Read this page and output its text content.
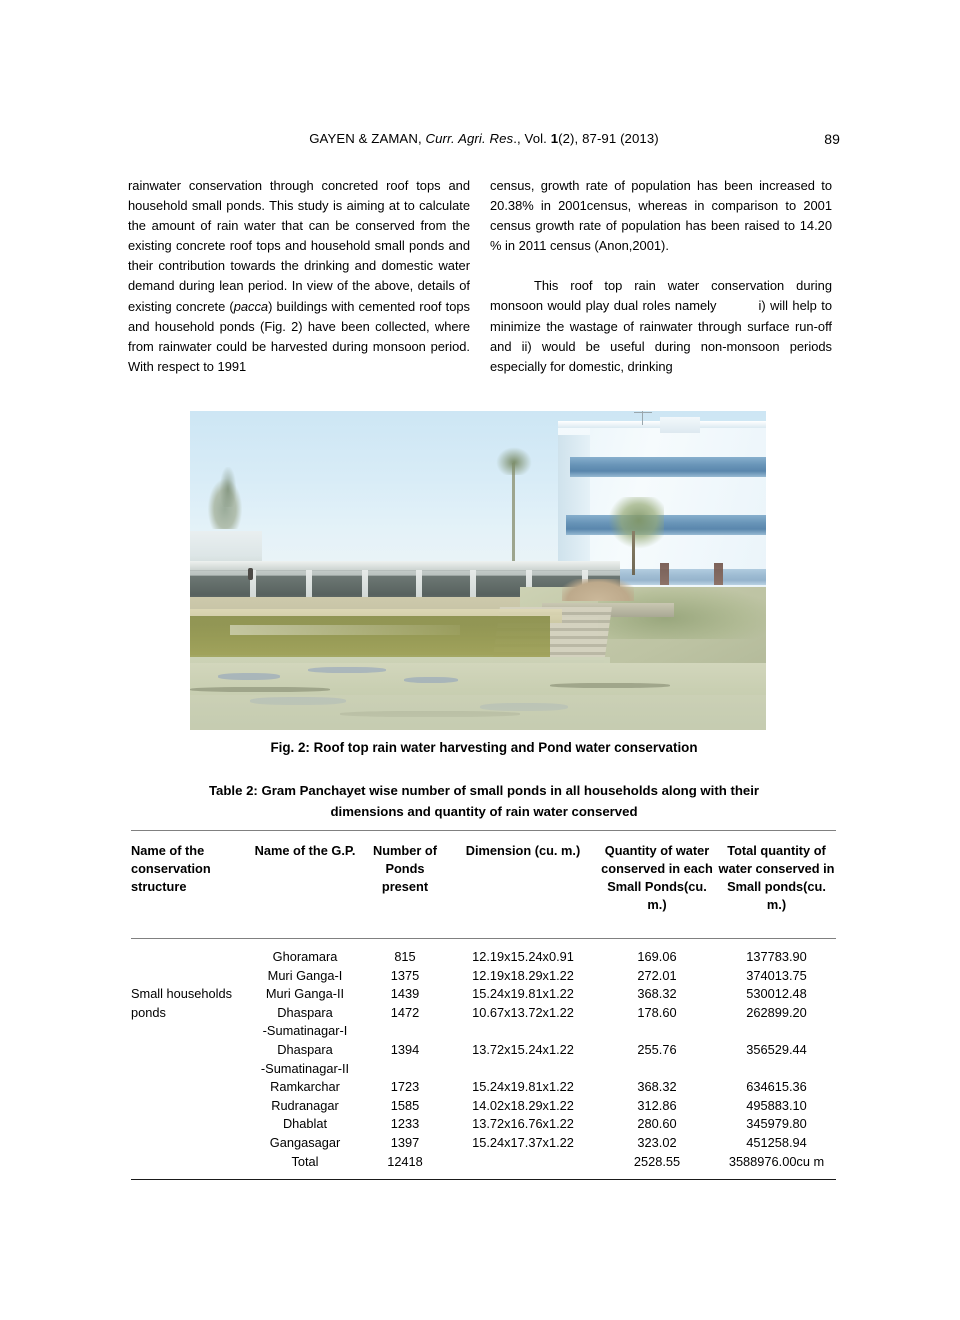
GAYEN & ZAMAN, Curr. Agri. Res., Vol. 1(2), 87-91 (2013)	89

rainwater conservation through concreted roof tops and household small ponds. This study is aiming at to calculate the amount of rain water that can be conserved from the existing concrete roof tops and household small ponds and their contribution towards the drinking and domestic water demand during lean period. In view of the above, details of existing concrete (pacca) buildings with cemented roof tops and household ponds (Fig. 2) have been collected, where from rainwater could be harvested during monsoon period. With respect to 1991

census, growth rate of population has been increased to 20.38% in 2001census, whereas in comparison to 2001 census growth rate of population has been raised to 14.20 % in 2011 census (Anon,2001).

This roof top rain water conservation during monsoon would play dual roles namely	i) will help to minimize the wastage of rainwater through surface run-off and ii) would be useful during non-monsoon periods especially for domestic, drinking

Fig. 2: Roof top rain water harvesting and Pond water conservation
Table 2: Gram Panchayet wise number of small ponds in all households along with their
dimensions and quantity of rain water conserved
Name of the conservation structure	Name of the G.P.	Number of Ponds present	Dimension (cu. m.)	Quantity of water conserved in each Small Ponds(cu. m.)	Total quantity of water conserved in Small ponds(cu. m.)
	Ghoramara	815	12.19x15.24x0.91	169.06	137783.90
	Muri Ganga-I	1375	12.19x18.29x1.22	272.01	374013.75
Small households ponds	Muri Ganga-II	1439	15.24x19.81x1.22	368.32	530012.48
	Dhaspara	1472	10.67x13.72x1.22	178.60	262899.20
	-Sumatinagar-I				
	Dhaspara	1394	13.72x15.24x1.22	255.76	356529.44
	-Sumatinagar-II				
	Ramkarchar	1723	15.24x19.81x1.22	368.32	634615.36
	Rudranagar	1585	14.02x18.29x1.22	312.86	495883.10
	Dhablat	1233	13.72x16.76x1.22	280.60	345979.80
	Gangasagar	1397	15.24x17.37x1.22	323.02	451258.94
	Total	12418		2528.55	3588976.00cu m
